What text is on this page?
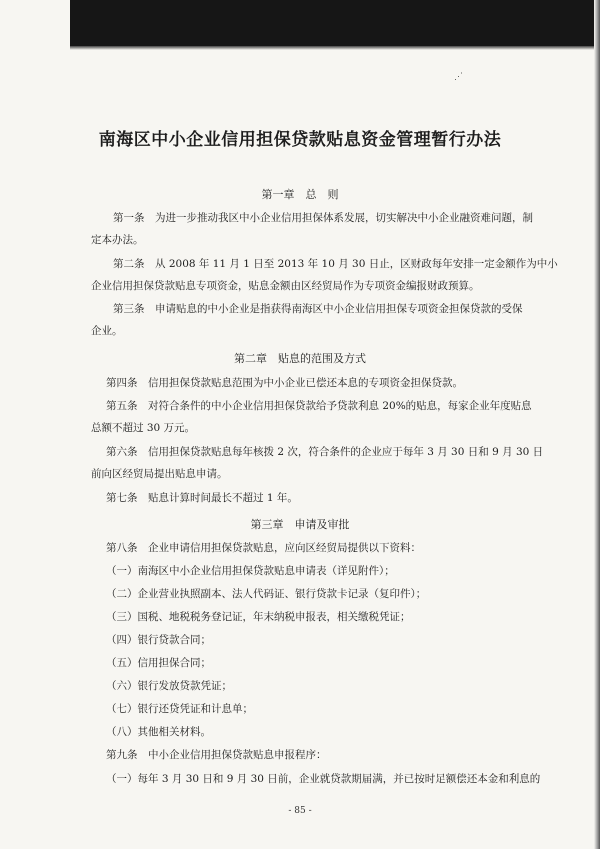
⋰
南海区中小企业信用担保贷款贴息资金管理暂行办法
第一章　总　则
第一条　为进一步推动我区中小企业信用担保体系发展，切实解决中小企业融资难问题，制
定本办法。
第二条　从 2008 年 11 月 1 日至 2013 年 10 月 30 日止，区财政每年安排一定金额作为中小
企业信用担保贷款贴息专项资金，贴息金额由区经贸局作为专项资金编报财政预算。
第三条　申请贴息的中小企业是指获得南海区中小企业信用担保专项资金担保贷款的受保
企业。
第二章　贴息的范围及方式
第四条　信用担保贷款贴息范围为中小企业已偿还本息的专项资金担保贷款。
第五条　对符合条件的中小企业信用担保贷款给予贷款利息 20%的贴息，每家企业年度贴息
总额不超过 30 万元。
第六条　信用担保贷款贴息每年核拨 2 次，符合条件的企业应于每年 3 月 30 日和 9 月 30 日
前向区经贸局提出贴息申请。
第七条　贴息计算时间最长不超过 1 年。
第三章　申请及审批
第八条　企业申请信用担保贷款贴息，应向区经贸局提供以下资料：
（一）南海区中小企业信用担保贷款贴息申请表（详见附件）；
（二）企业营业执照副本、法人代码证、银行贷款卡记录（复印件）；
（三）国税、地税税务登记证，年末纳税申报表，相关缴税凭证；
（四）银行贷款合同；
（五）信用担保合同；
（六）银行发放贷款凭证；
（七）银行还贷凭证和计息单；
（八）其他相关材料。
第九条　中小企业信用担保贷款贴息申报程序：
（一）每年 3 月 30 日和 9 月 30 日前，企业就贷款期届满，并已按时足额偿还本金和利息的
- 85 -
